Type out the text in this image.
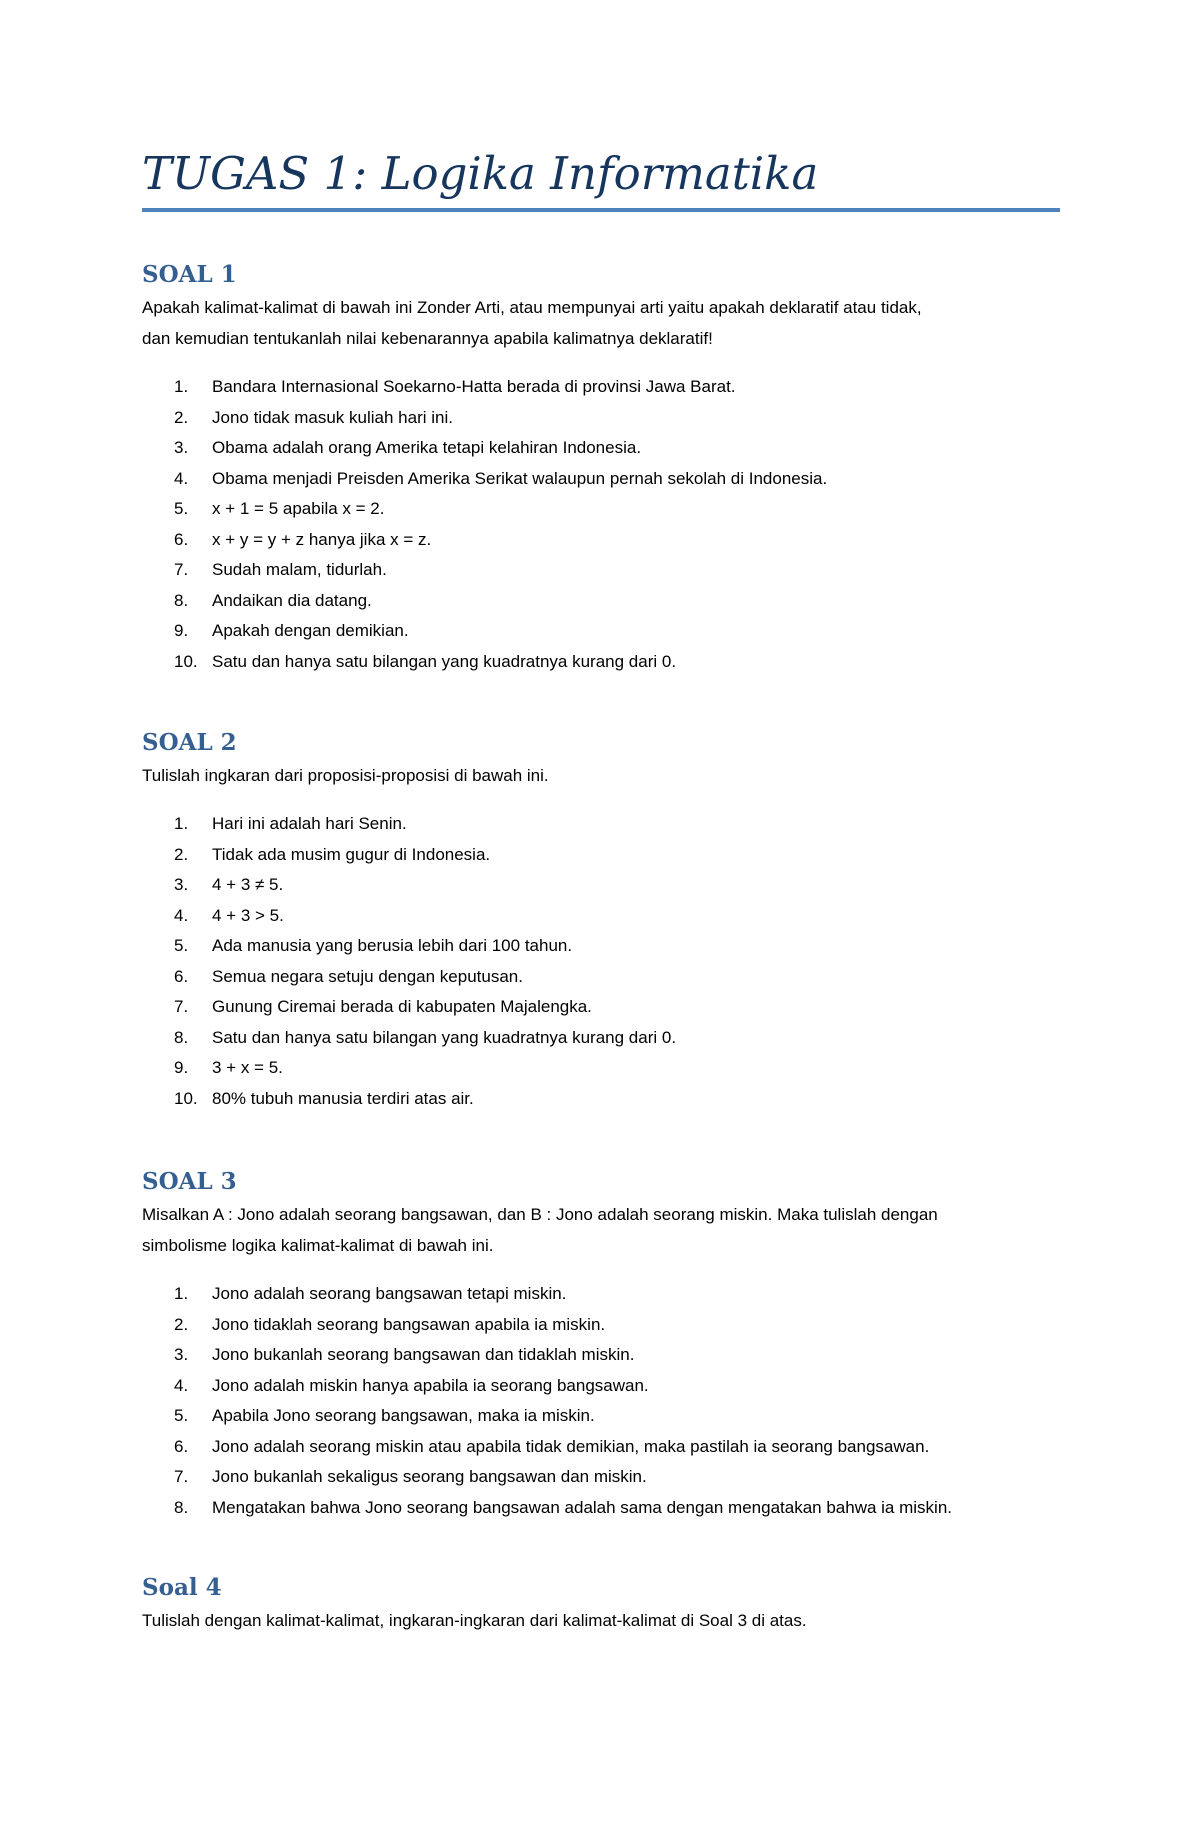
TUGAS 1: Logika Informatika
SOAL 1

Apakah kalimat-kalimat di bawah ini Zonder Arti, atau mempunyai arti yaitu apakah deklaratif atau tidak,

dan kemudian tentukanlah nilai kebenarannya apabila kalimatnya deklaratif!

1.	Bandara Internasional Soekarno-Hatta berada di provinsi Jawa Barat.
2.	Jono tidak masuk kuliah hari ini.
3.	Obama adalah orang Amerika tetapi kelahiran Indonesia.
4.	Obama menjadi Preisden Amerika Serikat walaupun pernah sekolah di Indonesia.
5.	x + 1 = 5 apabila x = 2.
6.	x + y = y + z hanya jika x = z.
7.	Sudah malam, tidurlah.
8.	Andaikan dia datang.
9.	Apakah dengan demikian.
10. Satu dan hanya satu bilangan yang kuadratnya kurang dari 0.
SOAL 2

Tulislah ingkaran dari proposisi-proposisi di bawah ini.

1.	Hari ini adalah hari Senin.
2.	Tidak ada musim gugur di Indonesia.
3.	4 + 3 ≠ 5.
4.	4 + 3 > 5.
5.	Ada manusia yang berusia lebih dari 100 tahun.
6.	Semua negara setuju dengan keputusan.
7.	Gunung Ciremai berada di kabupaten Majalengka.
8.	Satu dan hanya satu bilangan yang kuadratnya kurang dari 0.
9.	3 + x = 5.
10. 80% tubuh manusia terdiri atas air.
SOAL 3

Misalkan A : Jono adalah seorang bangsawan, dan B : Jono adalah seorang miskin. Maka tulislah dengan

simbolisme logika kalimat-kalimat di bawah ini.

1.	Jono adalah seorang bangsawan tetapi miskin.
2.	Jono tidaklah seorang bangsawan apabila ia miskin.
3.	Jono bukanlah seorang bangsawan dan tidaklah miskin.
4.	Jono adalah miskin hanya apabila ia seorang bangsawan.
5.	Apabila Jono seorang bangsawan, maka ia miskin.
6.	Jono adalah seorang miskin atau apabila tidak demikian, maka pastilah ia seorang bangsawan.
7.	Jono bukanlah sekaligus seorang bangsawan dan miskin.
8.	Mengatakan bahwa Jono seorang bangsawan adalah sama dengan mengatakan bahwa ia miskin.
Soal 4

Tulislah dengan kalimat-kalimat, ingkaran-ingkaran dari kalimat-kalimat di Soal 3 di atas.
